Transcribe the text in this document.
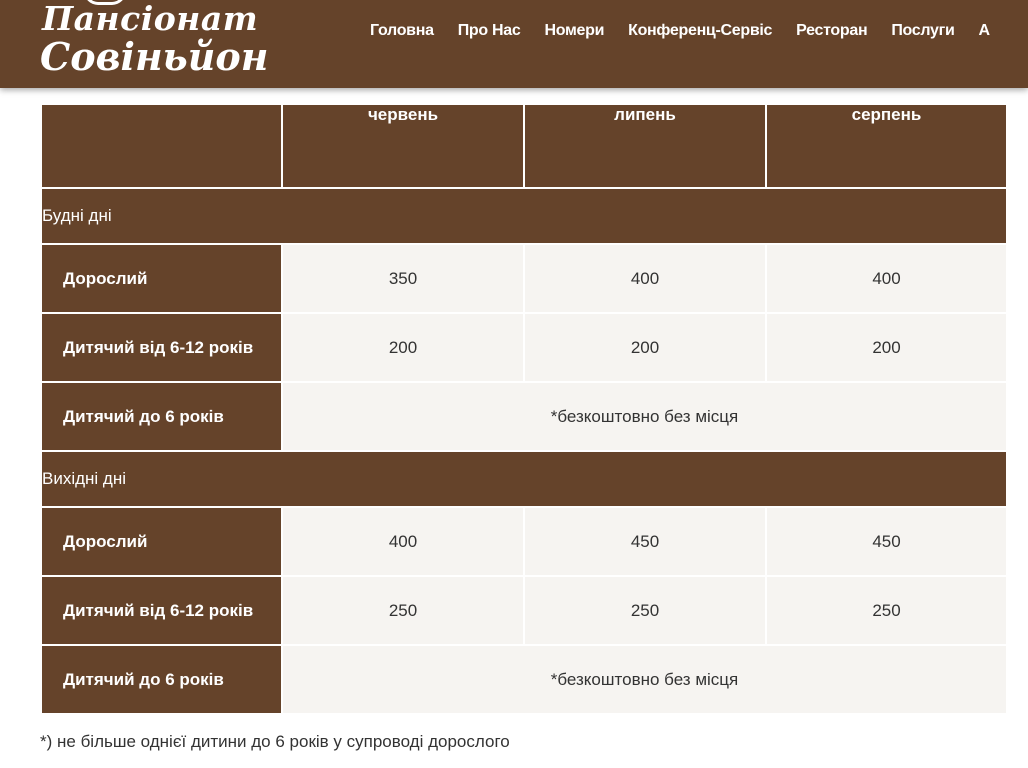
Пансіонат
Совіньйон
Головна Про Нас Номери Конференц-Сервіс Ресторан Послуги А
	червень	липень	серпень
Будні дні			
Дорослий	350	400	400
Дитячий від 6-12 років	200	200	200
Дитячий до 6 років	*безкоштовно без місця		
Вихідні дні			
Дорослий	400	450	450
Дитячий від 6-12 років	250	250	250
Дитячий до 6 років	*безкоштовно без місця		
*) не більше однієї дитини до 6 років у супроводі дорослого
